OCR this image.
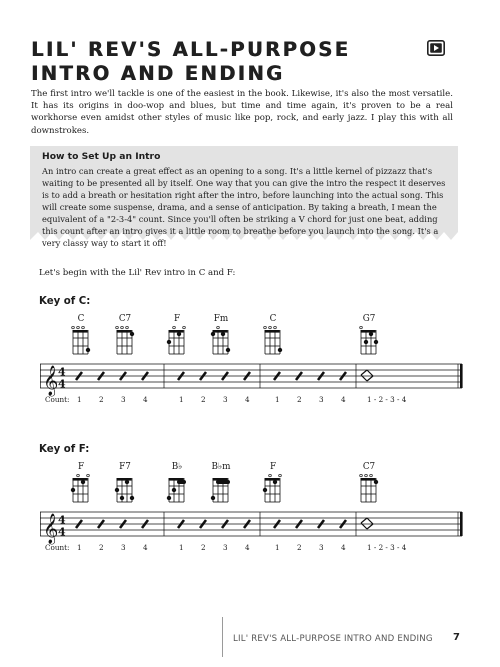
LIL' REV'S ALL-PURPOSE INTRO AND ENDING

The first intro we'll tackle is one of the easiest in the book. Likewise, it's also the most versatile. It has its origins in doo-wop and blues, but time and time again, it's proven to be a real workhorse even amidst other styles of music like pop, rock, and early jazz. I play this with all downstrokes.

How to Set Up an Intro

An intro can create a great effect as an opening to a song. It's a little kernel of pizzazz that's waiting to be presented all by itself. One way that you can give the intro the respect it deserves is to add a breath or hesitation right after the intro, before launching into the actual song. This will create some suspense, drama, and a sense of anticipation. By taking a breath, I mean the equivalent of a "2-3-4" count. Since you'll often be striking a V chord for just one beat, adding this count after an intro gives it a little room to breathe before you launch into the song. It's a very classy way to start it off!

Let's begin with the Lil' Rev intro in C and F:

Key of C:
C	C7	F	Fm	C	G7
𝄞 4
4
Count: 1 2 3 4	1 2 3 4	1 2 3 4	1 - 2 - 3 - 4
Key of F:
F	F7	B♭	B♭m	F	C7
𝄞 4
4
Count: 1 2 3 4	1 2 3 4	1 2 3 4	1 - 2 - 3 - 4

LIL' REV'S ALL-PURPOSE INTRO AND ENDING 7
